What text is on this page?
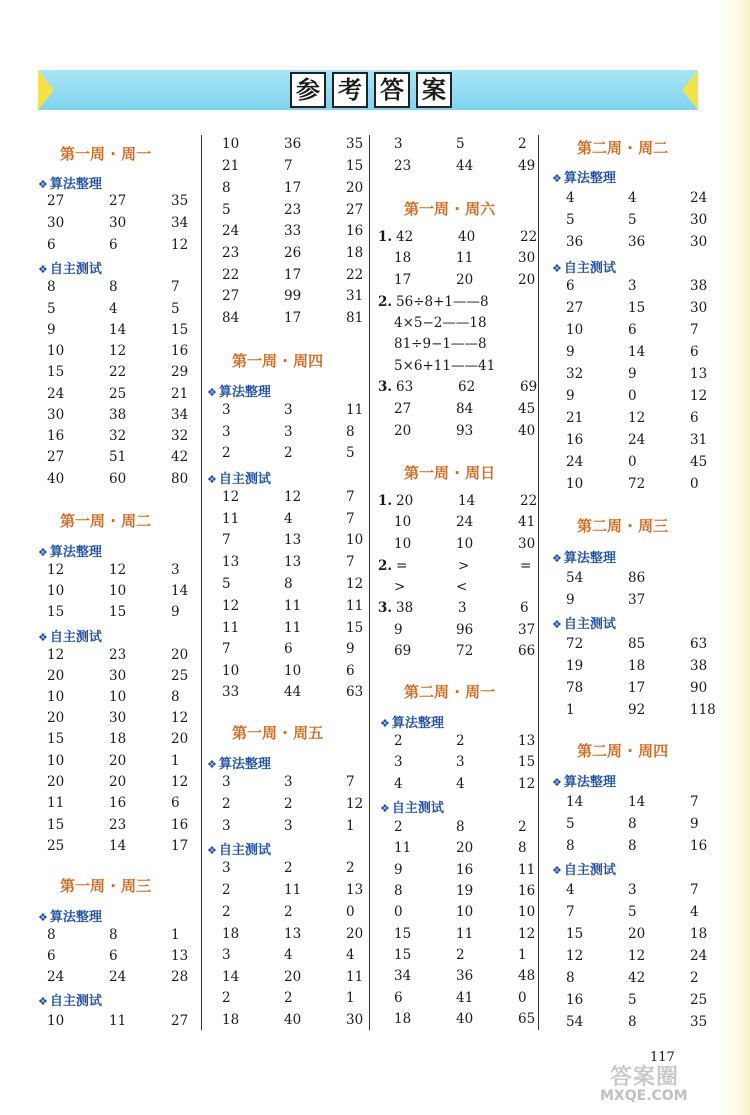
参 考 答 案
第一周 · 周一
❖ 算法整理
27	27	35
30	30	34
6	6	12
❖ 自主测试
8	8	7
5	4	5
9	14	15
10	12	16
15	22	29
24	25	21
30	38	34
16	32	32
27	51	42
40	60	80
第一周 · 周二
❖ 算法整理
12	12	3
10	10	14
15	15	9
❖ 自主测试
12	23	20
20	30	25
10	10	8
20	30	12
15	18	20
10	20	1
20	20	12
11	16	6
15	23	16
25	14	17
第一周 · 周三
❖ 算法整理
8	8	1
6	6	13
24	24	28
❖ 自主测试
10	11	27
10	36	35
21	7	15
8	17	20
5	23	27
24	33	16
23	26	18
22	17	22
27	99	31
84	17	81
第一周 · 周四
❖ 算法整理
3	3	11
3	3	8
2	2	5
❖ 自主测试
12	12	7
11	4	7
7	13	10
13	13	7
5	8	12
12	11	11
11	11	15
7	6	9
10	10	6
33	44	63
第一周 · 周五
❖ 算法整理
3	3	7
2	2	12
3	3	1
❖ 自主测试
3	2	2
2	11	13
2	2	0
18	13	20
3	4	4
14	20	11
2	2	1
18	40	30
3	5	2
23	44	49
第一周 · 周六
1. 42	40	22
18	11	30
17	20	20
2. 56÷8+1——8
4×5−2——18
81÷9−1——8
5×6+11——41
3. 63	62	69
27	84	45
20	93	40
第一周 · 周日
1. 20	14	22
10	24	41
10	10	30
2. =	>	=
>	<
3. 38	3	6
9	96	37
69	72	66
第二周 · 周一
❖ 算法整理
2	2	13
3	3	15
4	4	12
❖ 自主测试
2	8	2
11	20	8
9	16	11
8	19	16
0	10	10
15	11	12
15	2	1
34	36	48
6	41	0
18	40	65
第二周 · 周二
❖ 算法整理
4	4	24
5	5	30
36	36	30
❖ 自主测试
6	3	38
27	15	30
10	6	7
9	14	6
32	9	13
9	0	12
21	12	6
16	24	31
24	0	45
10	72	0
第二周 · 周三
❖ 算法整理
54	86
9	37
❖ 自主测试
72	85	63
19	18	38
78	17	90
1	92	118
第二周 · 周四
❖ 算法整理
14	14	7
5	8	9
8	8	16
❖ 自主测试
4	3	7
7	5	4
15	20	18
12	12	24
8	42	2
16	5	25
54	8	35
117
答案圈
MXQE.COM
